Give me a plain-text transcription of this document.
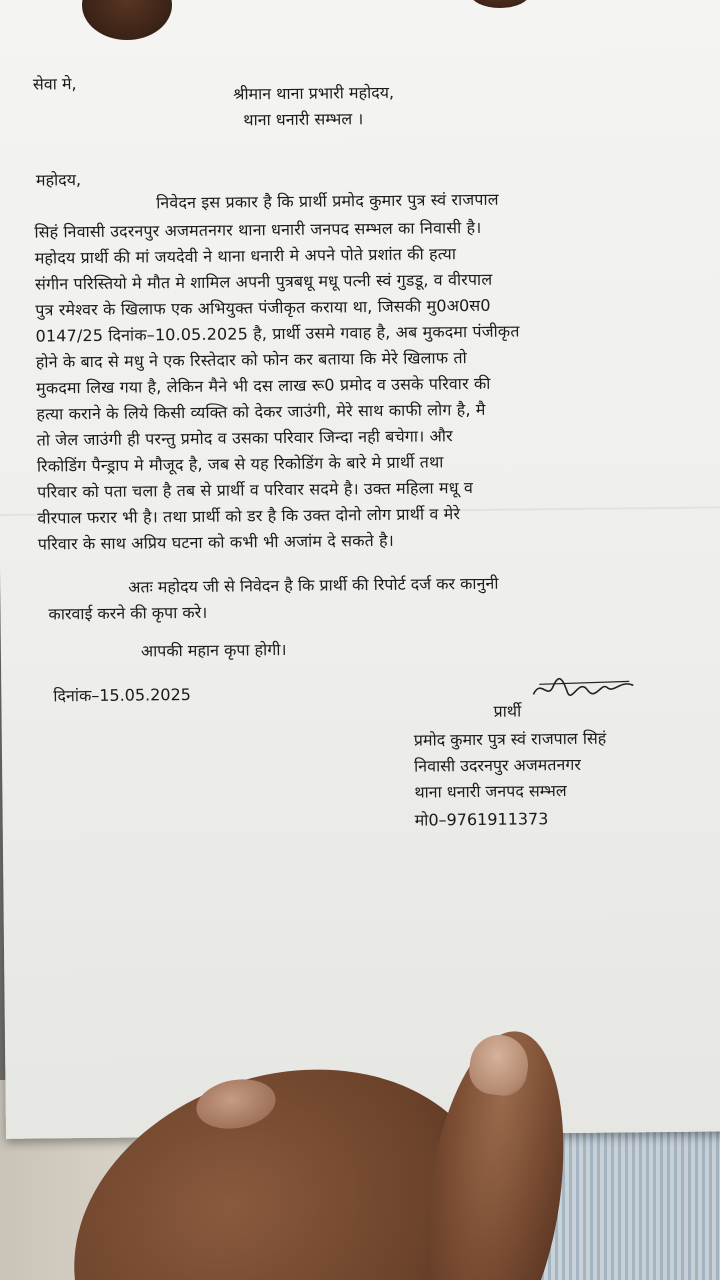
सेवा मे,	श्रीमान थाना प्रभारी महोदय,
थाना धनारी सम्भल ।
महोदय,
निवेदन इस प्रकार है कि प्रार्थी प्रमोद कुमार पुत्र स्वं राजपाल
सिहं निवासी उदरनपुर अजमतनगर थाना धनारी जनपद सम्भल का निवासी है।
महोदय प्रार्थी की मां जयदेवी ने थाना धनारी मे अपने पोते प्रशांत की हत्या
संगीन परिस्तियो मे मौत मे शामिल अपनी पुत्रबधू मधू पत्नी स्वं गुडडू, व वीरपाल
पुत्र रमेश्वर के खिलाफ एक अभियुक्त पंजीकृत कराया था, जिसकी मु0अ0स0
0147/25 दिनांक–10.05.2025 है, प्रार्थी उसमे गवाह है, अब मुकदमा पंजीकृत
होने के बाद से मधु ने एक रिस्तेदार को फोन कर बताया कि मेरे खिलाफ तो
मुकदमा लिख गया है, लेकिन मैने भी दस लाख रू0 प्रमोद व उसके परिवार की
हत्या कराने के लिये किसी व्यक्ति को देकर जाउंगी, मेरे साथ काफी लोग है, मै
तो जेल जाउंगी ही परन्तु प्रमोद व उसका परिवार जिन्दा नही बचेगा। और
रिकोडिंग पैन्ड्राप मे मौजूद है, जब से यह रिकोडिंग के बारे मे प्रार्थी तथा
परिवार को पता चला है तब से प्रार्थी व परिवार सदमे है। उक्त महिला मधू व
वीरपाल फरार भी है। तथा प्रार्थी को डर है कि उक्त दोनो लोग प्रार्थी व मेरे
परिवार के साथ अप्रिय घटना को कभी भी अजांम दे सकते है।
अतः महोदय जी से निवेदन है कि प्रार्थी की रिपोर्ट दर्ज कर कानुनी
कारवाई करने की कृपा करे।
आपकी महान कृपा होगी।
दिनांक–15.05.2025
प्रार्थी
प्रमोद कुमार पुत्र स्वं राजपाल सिहं
निवासी उदरनपुर अजमतनगर
थाना धनारी जनपद सम्भल
मो0–9761911373
